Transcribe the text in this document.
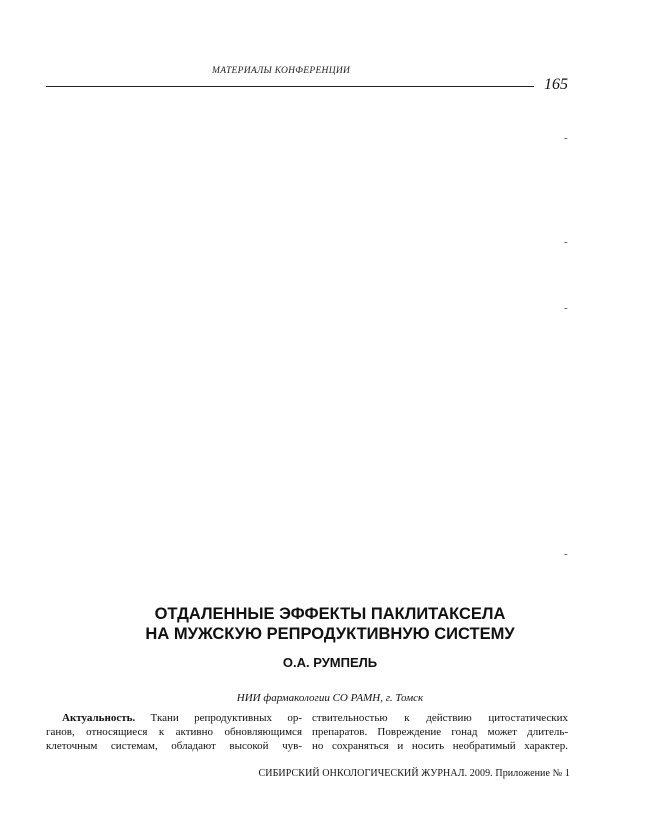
МАТЕРИАЛЫ КОНФЕРЕНЦИИ
165
-
-
-
-
ОТДАЛЕННЫЕ ЭФФЕКТЫ ПАКЛИТАКСЕЛА
НА МУЖСКУЮ РЕПРОДУКТИВНУЮ СИСТЕМУ
О.А. РУМПЕЛЬ
НИИ фармакологии СО РАМН, г. Томск
Актуальность. Ткани репродуктивных ор-
ганов, относящиеся к активно обновляющимся
клеточным системам, обладают высокой чув-
ствительностью к действию цитостатических
препаратов. Повреждение гонад может длитель-
но сохраняться и носить необратимый характер.
СИБИРСКИЙ ОНКОЛОГИЧЕСКИЙ ЖУРНАЛ. 2009. Приложение № 1
